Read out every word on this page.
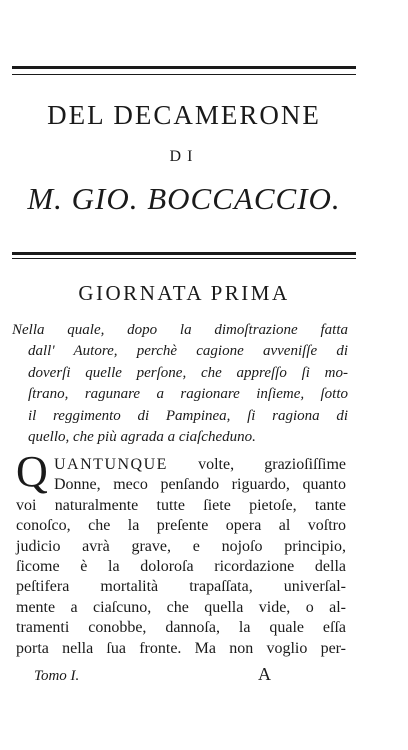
DEL DECAMERONE
DI
M. GIO. BOCCACCIO.
GIORNATA PRIMA
Nella quale, dopo la dimoſtrazione fatta
dall' Autore, perchè cagione avveniſſe di
doverſi quelle perſone, che appreſſo ſi mo-
ſtrano, ragunare a ragionare inſieme, ſotto
il reggimento di Pampinea, ſi ragiona di
quello, che più agrada a ciaſcheduno.
Q UANTUNQUE volte, grazioſiſſime
Donne, meco penſando riguardo, quanto
voi naturalmente tutte ſiete pietoſe, tante
conoſco, che la preſente opera al voſtro
judicio avrà grave, e nojoſo principio,
ſicome è la doloroſa ricordazione della
peſtifera mortalità trapaſſata, univerſal-
mente a ciaſcuno, che quella vide, o al-
tramenti conobbe, dannoſa, la quale eſſa
porta nella ſua fronte. Ma non voglio per-
Tomo I.	A
